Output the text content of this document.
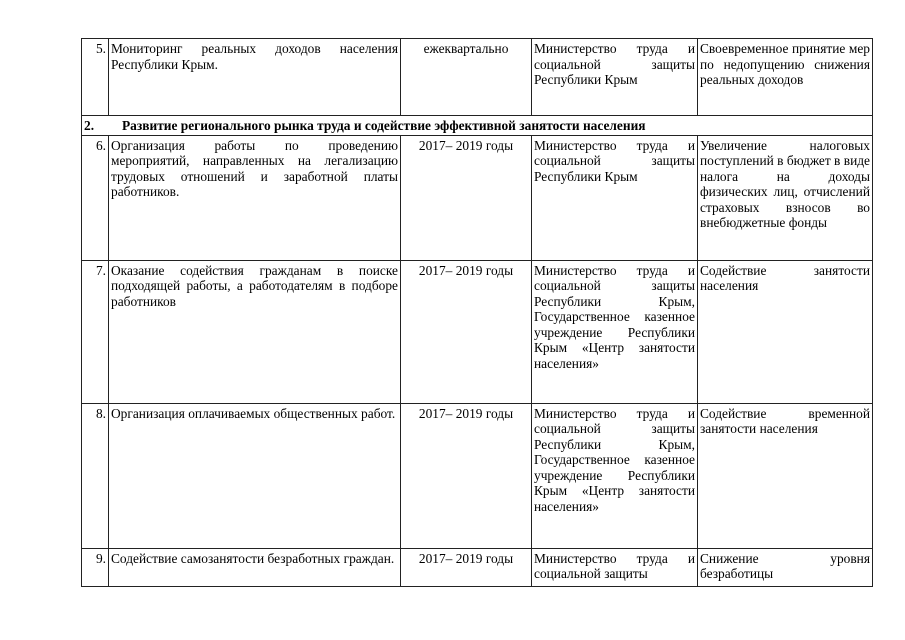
5.	Мониторинг реальных доходов населения Республики Крым.	ежеквартально	Министерство труда и социальной защиты Республики Крым	Своевременное принятие мер по недопущению снижения реальных доходов
2. Развитие регионального рынка труда и содействие эффективной занятости населения				
6.	Организация работы по проведению мероприятий, направленных на легализацию трудовых отношений и заработной платы работников.	2017– 2019 годы	Министерство труда и социальной защиты Республики Крым	Увеличение налоговых поступлений в бюджет в виде налога на доходы физических лиц, отчислений страховых взносов во внебюджетные фонды
7.	Оказание содействия гражданам в поиске подходящей работы, а работодателям в подборе работников	2017– 2019 годы	Министерство труда и социальной защиты Республики Крым, Государственное казенное учреждение Республики Крым «Центр занятости населения»	Содействие занятости населения
8.	Организация оплачиваемых общественных работ.	2017– 2019 годы	Министерство труда и социальной защиты Республики Крым, Государственное казенное учреждение Республики Крым «Центр занятости населения»	Содействие временной занятости населения
9.	Содействие самозанятости безработных граждан.	2017– 2019 годы	Министерство труда и социальной защиты	Снижение уровня безработицы
